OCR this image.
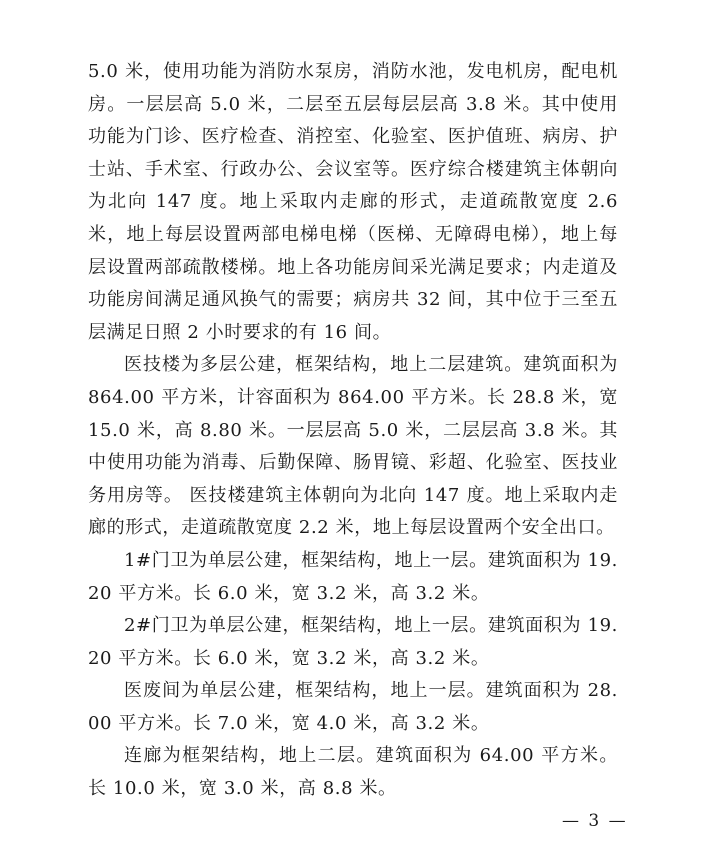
5.0 米，使用功能为消防水泵房，消防水池，发电机房，配电机房。一层层高 5.0 米，二层至五层每层层高 3.8 米。其中使用功能为门诊、医疗检查、消控室、化验室、医护值班、病房、护士站、手术室、行政办公、会议室等。医疗综合楼建筑主体朝向为北向 147 度。地上采取内走廊的形式，走道疏散宽度 2.6 米，地上每层设置两部电梯电梯（医梯、无障碍电梯），地上每层设置两部疏散楼梯。地上各功能房间采光满足要求；内走道及功能房间满足通风换气的需要；病房共 32 间，其中位于三至五层满足日照 2 小时要求的有 16 间。

医技楼为多层公建，框架结构，地上二层建筑。建筑面积为 864.00 平方米，计容面积为 864.00 平方米。长 28.8 米，宽 15.0 米，高 8.80 米。一层层高 5.0 米，二层层高 3.8 米。其中使用功能为消毒、后勤保障、肠胃镜、彩超、化验室、医技业务用房等。 医技楼建筑主体朝向为北向 147 度。地上采取内走廊的形式，走道疏散宽度 2.2 米，地上每层设置两个安全出口。

1#门卫为单层公建，框架结构，地上一层。建筑面积为 19.20 平方米。长 6.0 米，宽 3.2 米，高 3.2 米。

2#门卫为单层公建，框架结构，地上一层。建筑面积为 19.20 平方米。长 6.0 米，宽 3.2 米，高 3.2 米。

医废间为单层公建，框架结构，地上一层。建筑面积为 28.00 平方米。长 7.0 米，宽 4.0 米，高 3.2 米。

连廊为框架结构，地上二层。建筑面积为 64.00 平方米。长 10.0 米，宽 3.0 米，高 8.8 米。

— 3 —
